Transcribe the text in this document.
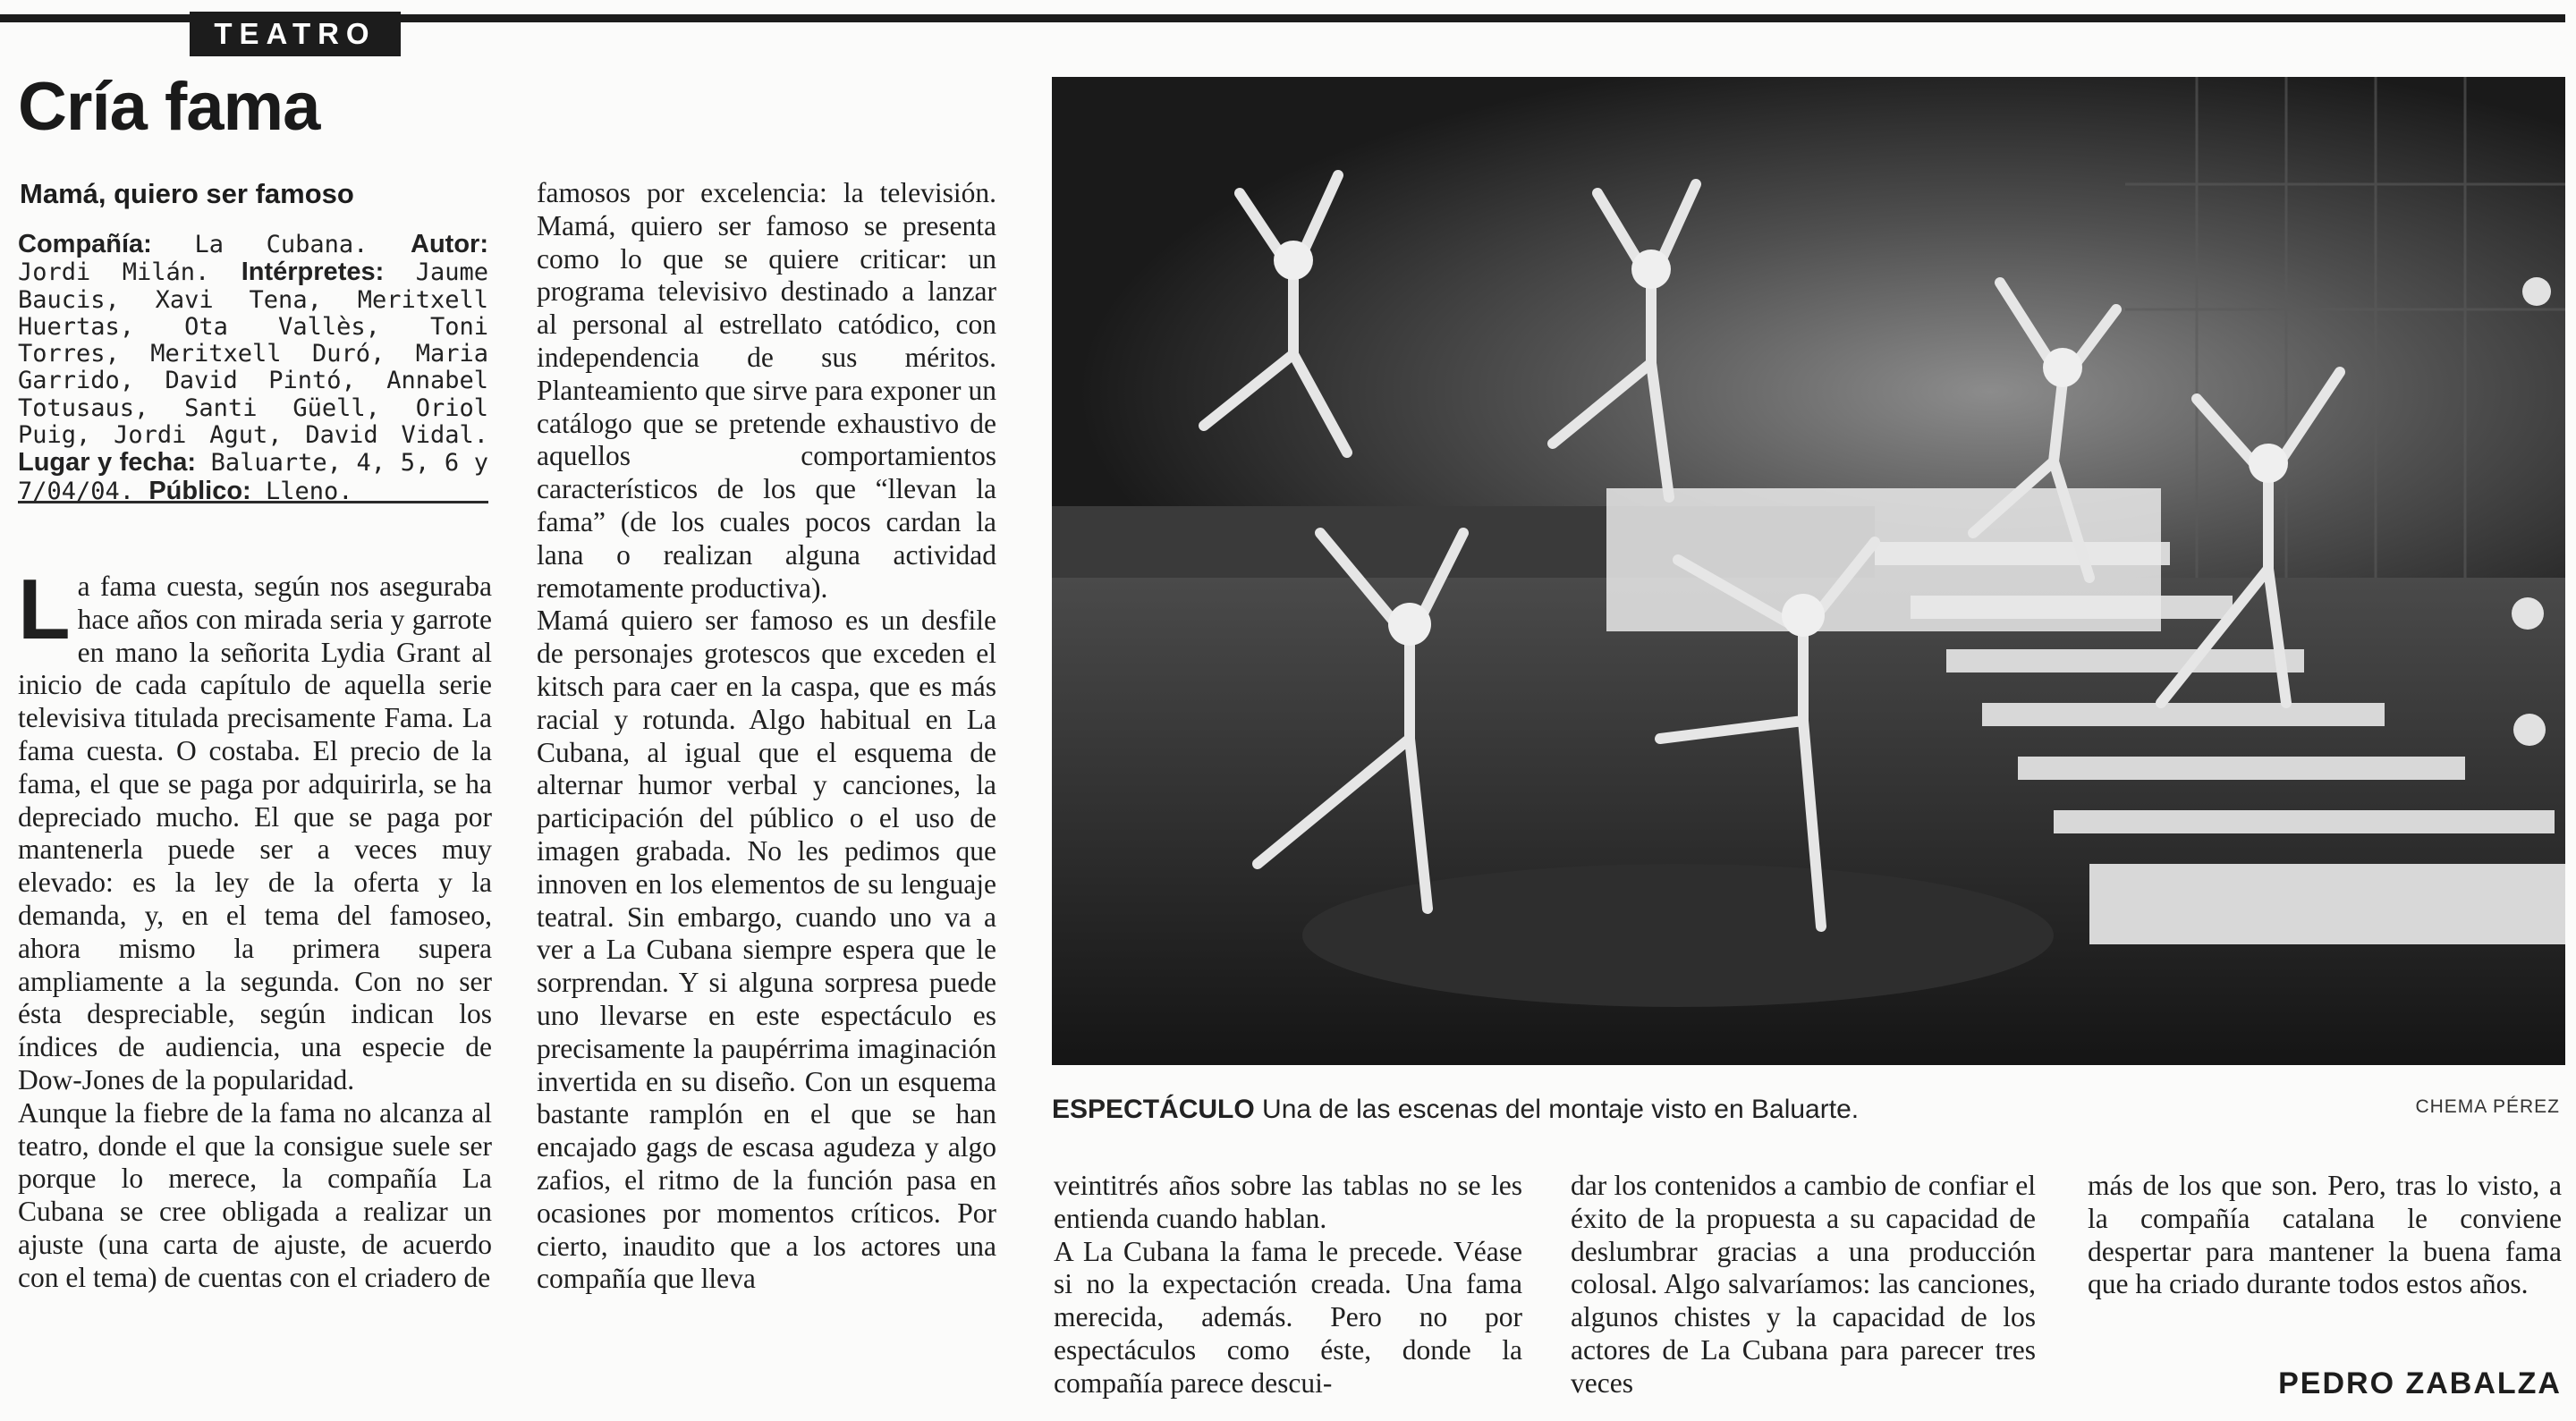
TEATRO
Cría fama
Mamá, quiero ser famoso

Compañía: La Cubana. Autor: Jordi Milán. Intérpretes: Jaume Baucis, Xavi Tena, Meritxell Huertas, Ota Vallès, Toni Torres, Meritxell Duró, Maria Garrido, David Pintó, Annabel Totusaus, Santi Güell, Oriol Puig, Jordi Agut, David Vidal. Lugar y fecha: Baluarte, 4, 5, 6 y 7/04/04. Público: Lleno.

La fama cuesta, según nos aseguraba hace años con mirada seria y garrote en mano la señorita Lydia Grant al inicio de cada capítulo de aquella serie televisiva titulada precisamente Fama. La fama cuesta. O costaba. El precio de la fama, el que se paga por adquirirla, se ha depreciado mucho. El que se paga por mantenerla puede ser a veces muy elevado: es la ley de la oferta y la demanda, y, en el tema del famoseo, ahora mismo la primera supera ampliamente a la segunda. Con no ser ésta despreciable, según indican los índices de audiencia, una especie de Dow-Jones de la popularidad.

Aunque la fiebre de la fama no alcanza al teatro, donde el que la consigue suele ser porque lo merece, la compañía La Cubana se cree obligada a realizar un ajuste (una carta de ajuste, de acuerdo con el tema) de cuentas con el criadero de

famosos por excelencia: la televisión. Mamá, quiero ser famoso se presenta como lo que se quiere criticar: un programa televisivo destinado a lanzar al personal al estrellato catódico, con independencia de sus méritos. Planteamiento que sirve para exponer un catálogo que se pretende exhaustivo de aquellos comportamientos característicos de los que “llevan la fama” (de los cuales pocos cardan la lana o realizan alguna actividad remotamente productiva).

Mamá quiero ser famoso es un desfile de personajes grotescos que exceden el kitsch para caer en la caspa, que es más racial y rotunda. Algo habitual en La Cubana, al igual que el esquema de alternar humor verbal y canciones, la participación del público o el uso de imagen grabada. No les pedimos que innoven en los elementos de su lenguaje teatral. Sin embargo, cuando uno va a ver a La Cubana siempre espera que le sorprendan. Y si alguna sorpresa puede uno llevarse en este espectáculo es precisamente la paupérrima imaginación invertida en su diseño. Con un esquema bastante ramplón en el que se han encajado gags de escasa agudeza y algo zafios, el ritmo de la función pasa en ocasiones por momentos críticos. Por cierto, inaudito que a los actores una compañía que lleva

ESPECTÁCULO Una de las escenas del montaje visto en Baluarte.	CHEMA PÉREZ

veintitrés años sobre las tablas no se les entienda cuando hablan.

A La Cubana la fama le precede. Véase si no la expectación creada. Una fama merecida, además. Pero no por espectáculos como éste, donde la compañía parece descui-

dar los contenidos a cambio de confiar el éxito de la propuesta a su capacidad de deslumbrar gracias a una producción colosal. Algo salvaríamos: las canciones, algunos chistes y la capacidad de los actores de La Cubana para parecer tres veces

más de los que son. Pero, tras lo visto, a la compañía catalana le conviene despertar para mantener la buena fama que ha criado durante todos estos años.

PEDRO ZABALZA
